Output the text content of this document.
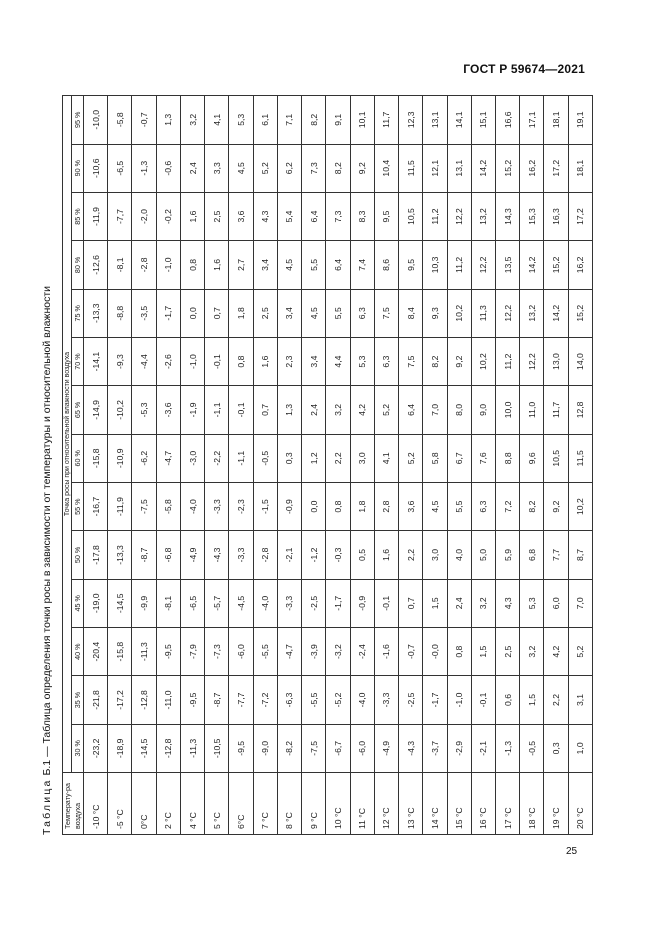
ГОСТ Р 59674—2021
Таблица Б.1 — Таблица определения точки росы в зависимости от температуры и относительной влажности
Температу-ра воздуха	Точка росы при относительной влажности воздуха													
	30 %	35 %	40 %	45 %	50 %	55 %	60 %	65 %	70 %	75 %	80 %	85 %	90 %	95 %
-10 °С	-23,2	-21,8	-20,4	-19,0	-17,8	-16,7	-15,8	-14,9	-14,1	-13,3	-12,6	-11,9	-10,6	-10,0
-5 °С	-18,9	-17,2	-15,8	-14,5	-13,3	-11,9	-10,9	-10,2	-9,3	-8,8	-8,1	-7,7	-6,5	-5,8
0°С	-14,5	-12,8	-11,3	-9,9	-8,7	-7,5	-6,2	-5,3	-4,4	-3,5	-2,8	-2,0	-1,3	-0,7
2 °С	-12,8	-11,0	-9,5	-8,1	-6,8	-5,8	-4,7	-3,6	-2,6	-1,7	-1,0	-0,2	-0,6	1,3
4 °С	-11,3	-9,5	-7,9	-6,5	-4,9	-4,0	-3,0	-1,9	-1,0	0,0	0,8	1,6	2,4	3,2
5 °С	-10,5	-8,7	-7,3	-5,7	-4,3	-3,3	-2,2	-1,1	-0,1	0,7	1,6	2,5	3,3	4,1
6°С	-9,5	-7,7	-6,0	-4,5	-3,3	-2,3	-1,1	-0,1	0,8	1,8	2,7	3,6	4,5	5,3
7 °С	-9,0	-7,2	-5,5	-4,0	-2,8	-1,5	-0,5	0,7	1,6	2,5	3,4	4,3	5,2	6,1
8 °С	-8,2	-6,3	-4,7	-3,3	-2,1	-0,9	0,3	1,3	2,3	3,4	4,5	5,4	6,2	7,1
9 °С	-7,5	-5,5	-3,9	-2,5	-1,2	0,0	1,2	2,4	3,4	4,5	5,5	6,4	7,3	8,2
10 °С	-6,7	-5,2	-3,2	-1,7	-0,3	0,8	2,2	3,2	4,4	5,5	6,4	7,3	8,2	9,1
11 °С	-6,0	-4,0	-2,4	-0,9	0,5	1,8	3,0	4,2	5,3	6,3	7,4	8,3	9,2	10,1
12 °С	-4,9	-3,3	-1,6	-0,1	1,6	2,8	4,1	5,2	6,3	7,5	8,6	9,5	10,4	11,7
13 °С	-4,3	-2,5	-0,7	0,7	2,2	3,6	5,2	6,4	7,5	8,4	9,5	10,5	11,5	12,3
14 °С	-3,7	-1,7	-0,0	1,5	3,0	4,5	5,8	7,0	8,2	9,3	10,3	11,2	12,1	13,1
15 °С	-2,9	-1,0	0,8	2,4	4,0	5,5	6,7	8,0	9,2	10,2	11,2	12,2	13,1	14,1
16 °С	-2,1	-0,1	1,5	3,2	5,0	6,3	7,6	9,0	10,2	11,3	12,2	13,2	14,2	15,1
17 °С	-1,3	0,6	2,5	4,3	5,9	7,2	8,8	10,0	11,2	12,2	13,5	14,3	15,2	16,6
18 °С	-0,5	1,5	3,2	5,3	6,8	8,2	9,6	11,0	12,2	13,2	14,2	15,3	16,2	17,1
19 °С	0,3	2,2	4,2	6,0	7,7	9,2	10,5	11,7	13,0	14,2	15,2	16,3	17,2	18,1
20 °С	1,0	3,1	5,2	7,0	8,7	10,2	11,5	12,8	14,0	15,2	16,2	17,2	18,1	19,1
25
